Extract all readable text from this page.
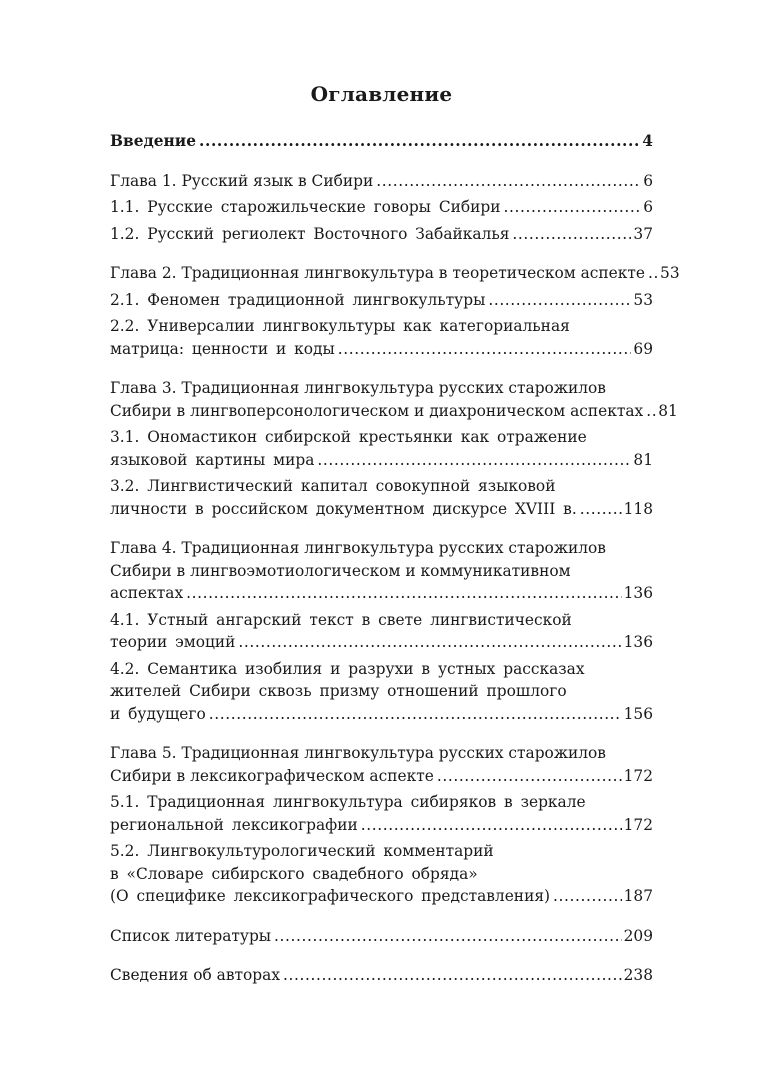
Оглавление
Введение .....	4
Глава 1. Русский язык в Сибири .....	6
1.1. Русские старожильческие говоры Сибири .....	6
1.2. Русский региолект Восточного Забайкалья .....	37
Глава 2. Традиционная лингвокультура в теоретическом аспекте ..... 53
2.1. Феномен традиционной лингвокультуры .....	53
2.2. Универсалии лингвокультуры как категориальная
матрица: ценности и коды .....	69
Глава 3. Традиционная лингвокультура русских старожилов
Сибири в лингвоперсонологическом и диахроническом аспектах ..... 81
3.1. Ономастикон сибирской крестьянки как отражение
языковой картины мира .....	81
3.2. Лингвистический капитал совокупной языковой
личности в российском документном дискурсе XVIII в. .....	118
Глава 4. Традиционная лингвокультура русских старожилов
Сибири в лингвоэмотиологическом и коммуникативном
аспектах .....	136
4.1. Устный ангарский текст в свете лингвистической
теории эмоций .....	136
4.2. Семантика изобилия и разрухи в устных рассказах
жителей Сибири сквозь призму отношений прошлого
и будущего .....	156
Глава 5. Традиционная лингвокультура русских старожилов
Сибири в лексикографическом аспекте .....	172
5.1. Традиционная лингвокультура сибиряков в зеркале
региональной лексикографии .....	172
5.2. Лингвокультурологический комментарий
в «Словаре сибирского свадебного обряда»
(О специфике лексикографического представления) .....	187
Список литературы .....	209
Сведения об авторах .....	238
